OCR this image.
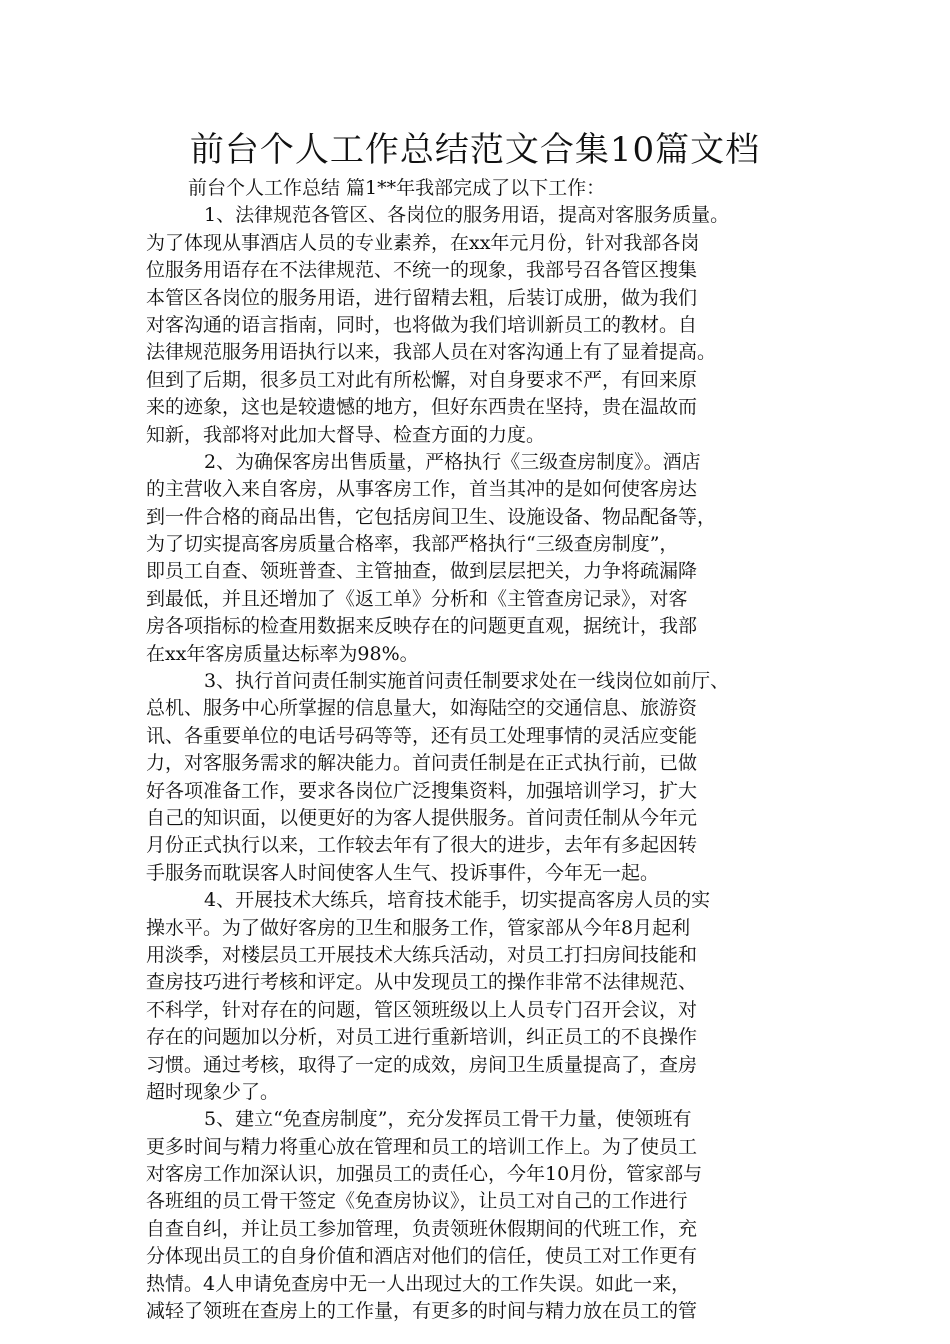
前台个人工作总结范文合集10篇文档
前台个人工作总结 篇1**年我部完成了以下工作：
1、法律规范各管区、各岗位的服务用语，提高对客服务质量。
为了体现从事酒店人员的专业素养，在xx年元月份，针对我部各岗
位服务用语存在不法律规范、不统一的现象，我部号召各管区搜集
本管区各岗位的服务用语，进行留精去粗，后装订成册，做为我们
对客沟通的语言指南，同时，也将做为我们培训新员工的教材。自
法律规范服务用语执行以来，我部人员在对客沟通上有了显着提高。
但到了后期，很多员工对此有所松懈，对自身要求不严，有回来原
来的迹象，这也是较遗憾的地方，但好东西贵在坚持，贵在温故而
知新，我部将对此加大督导、检查方面的力度。
2、为确保客房出售质量，严格执行《三级查房制度》。酒店
的主营收入来自客房，从事客房工作，首当其冲的是如何使客房达
到一件合格的商品出售，它包括房间卫生、设施设备、物品配备等，
为了切实提高客房质量合格率，我部严格执行“三级查房制度”，
即员工自查、领班普查、主管抽查，做到层层把关，力争将疏漏降
到最低，并且还增加了《返工单》分析和《主管查房记录》，对客
房各项指标的检查用数据来反映存在的问题更直观，据统计，我部
在xx年客房质量达标率为98%。
3、执行首问责任制实施首问责任制要求处在一线岗位如前厅、
总机、服务中心所掌握的信息量大，如海陆空的交通信息、旅游资
讯、各重要单位的电话号码等等，还有员工处理事情的灵活应变能
力，对客服务需求的解决能力。首问责任制是在正式执行前，已做
好各项准备工作，要求各岗位广泛搜集资料，加强培训学习，扩大
自己的知识面，以便更好的为客人提供服务。首问责任制从今年元
月份正式执行以来，工作较去年有了很大的进步，去年有多起因转
手服务而耽误客人时间使客人生气、投诉事件，今年无一起。
4、开展技术大练兵，培育技术能手，切实提高客房人员的实
操水平。为了做好客房的卫生和服务工作，管家部从今年8月起利
用淡季，对楼层员工开展技术大练兵活动，对员工打扫房间技能和
查房技巧进行考核和评定。从中发现员工的操作非常不法律规范、
不科学，针对存在的问题，管区领班级以上人员专门召开会议，对
存在的问题加以分析，对员工进行重新培训，纠正员工的不良操作
习惯。通过考核，取得了一定的成效，房间卫生质量提高了，查房
超时现象少了。
5、建立“免查房制度”，充分发挥员工骨干力量，使领班有
更多时间与精力将重心放在管理和员工的培训工作上。为了使员工
对客房工作加深认识，加强员工的责任心，今年10月份，管家部与
各班组的员工骨干签定《免查房协议》，让员工对自己的工作进行
自查自纠，并让员工参加管理，负责领班休假期间的代班工作，充
分体现出员工的自身价值和酒店对他们的信任，使员工对工作更有
热情。4人申请免查房中无一人出现过大的工作失误。如此一来，
减轻了领班在查房上的工作量，有更多的时间与精力放在员工的管
